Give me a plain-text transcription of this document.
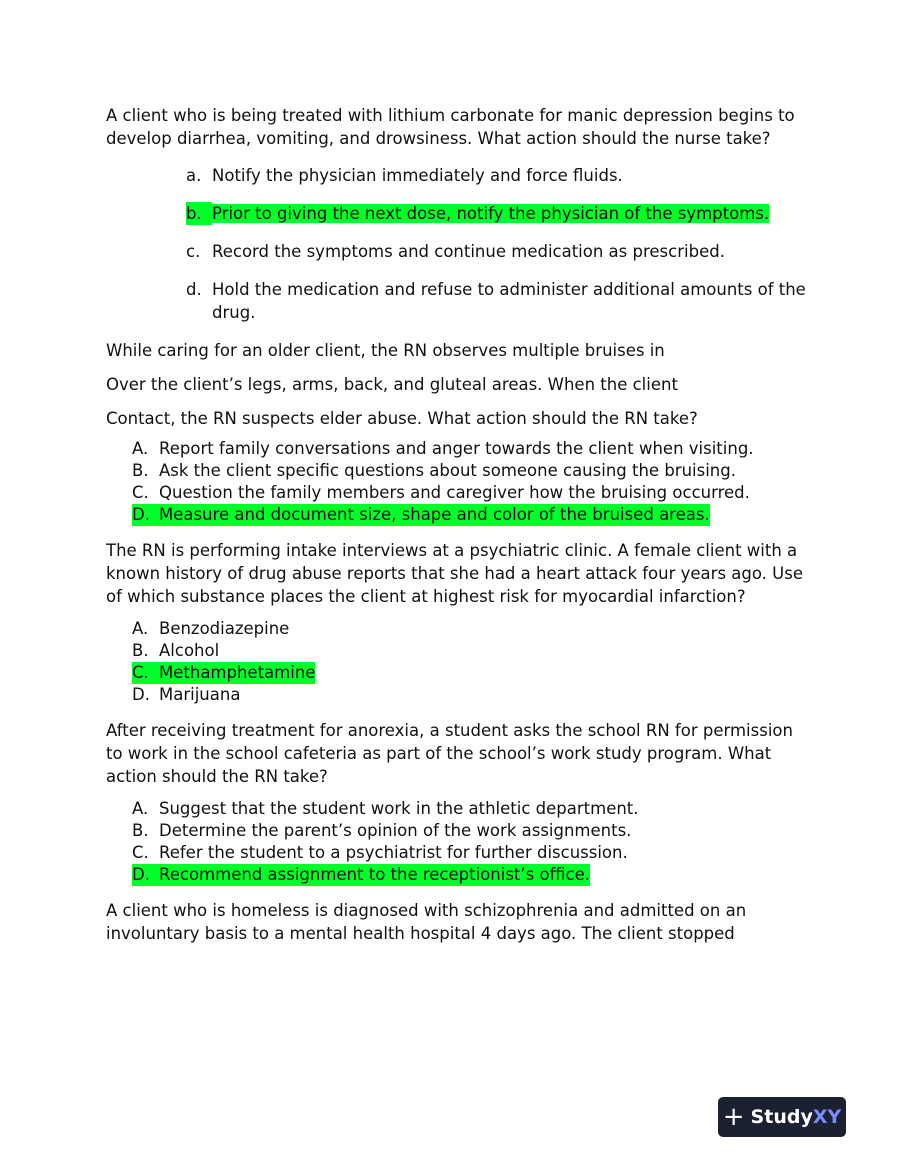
A client who is being treated with lithium carbonate for manic depression begins to develop diarrhea, vomiting, and drowsiness. What action should the nurse take?

a. Notify the physician immediately and force fluids.
b. Prior to giving the next dose, notify the physician of the symptoms.
c. Record the symptoms and continue medication as prescribed.
d. Hold the medication and refuse to administer additional amounts of the drug.

While caring for an older client, the RN observes multiple bruises in

Over the client’s legs, arms, back, and gluteal areas. When the client

Contact, the RN suspects elder abuse. What action should the RN take?

A. Report family conversations and anger towards the client when visiting.
B. Ask the client specific questions about someone causing the bruising.
C. Question the family members and caregiver how the bruising occurred.
D. Measure and document size, shape and color of the bruised areas.

The RN is performing intake interviews at a psychiatric clinic. A female client with a known history of drug abuse reports that she had a heart attack four years ago. Use of which substance places the client at highest risk for myocardial infarction?

A. Benzodiazepine
B. Alcohol
C. Methamphetamine
D. Marijuana

After receiving treatment for anorexia, a student asks the school RN for permission to work in the school cafeteria as part of the school’s work study program. What action should the RN take?

A. Suggest that the student work in the athletic department.
B. Determine the parent’s opinion of the work assignments.
C. Refer the student to a psychiatrist for further discussion.
D. Recommend assignment to the receptionist’s office.

A client who is homeless is diagnosed with schizophrenia and admitted on an involuntary basis to a mental health hospital 4 days ago. The client stopped

+ Study XY
